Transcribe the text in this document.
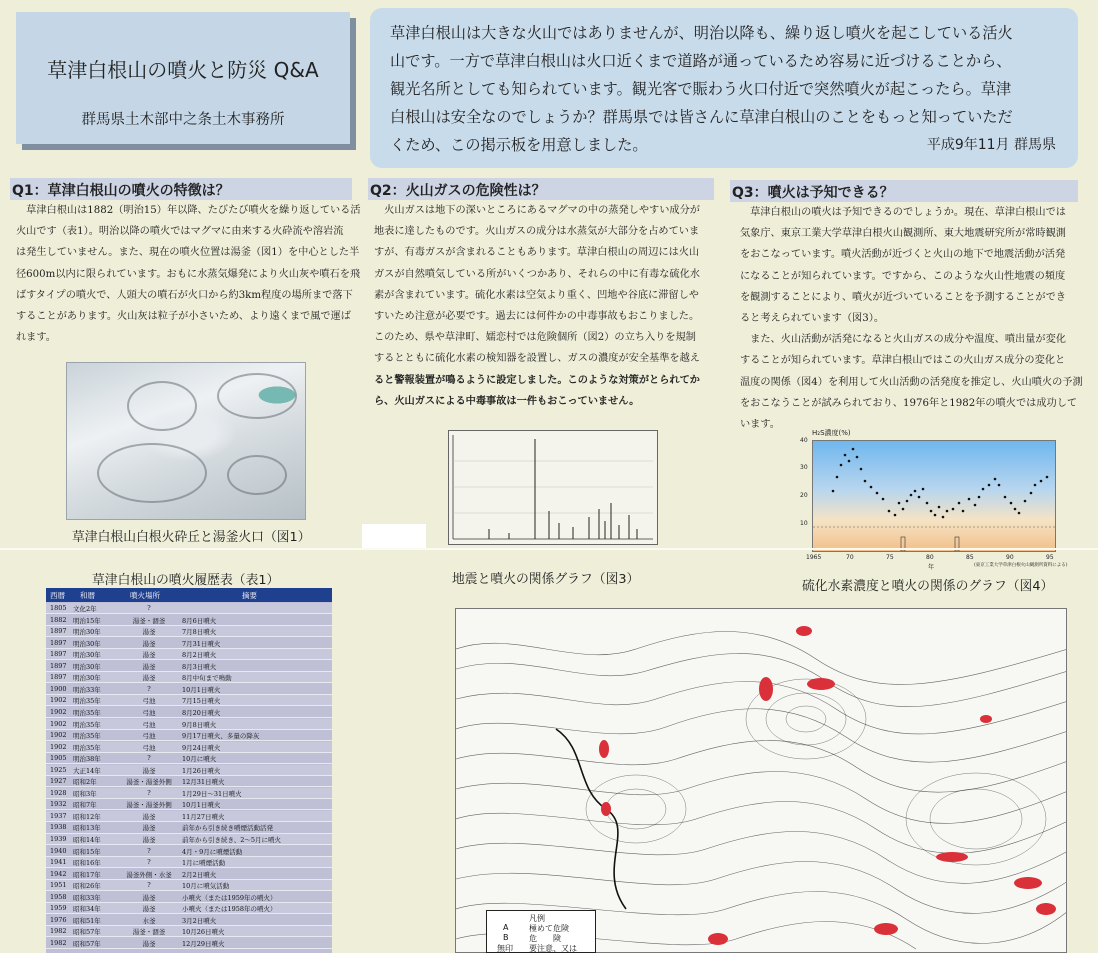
草津白根山の噴火と防災 Q&A
群馬県土木部中之条土木事務所
草津白根山は大きな火山ではありませんが、明治以降も、繰り返し噴火を起こしている活火
山です。一方で草津白根山は火口近くまで道路が通っているため容易に近づけることから、
観光名所としても知られています。観光客で賑わう火口付近で突然噴火が起こったら。草津
白根山は安全なのでしょうか？群馬県では皆さんに草津白根山のことをもっと知っていただ
くため、この掲示板を用意しました。	平成9年11月 群馬県
Q1：草津白根山の噴火の特徴は？

　草津白根山は1882（明治15）年以降、たびたび噴火を繰り返している活

火山です（表1）。明治以降の噴火ではマグマに由来する火砕流や溶岩流

は発生していません。また、現在の噴火位置は湯釜（図1）を中心とした半

径600m以内に限られています。おもに水蒸気爆発により火山灰や噴石を飛

ばすタイプの噴火で、人頭大の噴石が火口から約3km程度の場所まで落下

することがあります。火山灰は粒子が小さいため、より遠くまで風で運ば

れます。

草津白根山白根火砕丘と湯釜火口（図1）
Q2：火山ガスの危険性は？

　火山ガスは地下の深いところにあるマグマの中の蒸発しやすい成分が

地表に達したものです。火山ガスの成分は水蒸気が大部分を占めていま

すが、有毒ガスが含まれることもあります。草津白根山の周辺には火山

ガスが自然噴気している所がいくつかあり、それらの中に有毒な硫化水

素が含まれています。硫化水素は空気より重く、凹地や谷底に滞留しや

すいため注意が必要です。過去には何件かの中毒事故もおこりました。

このため、県や草津町、嬬恋村では危険個所（図2）の立ち入りを規制

するとともに硫化水素の検知器を設置し、ガスの濃度が安全基準を越え

ると警報装置が鳴るように設定しました。このような対策がとられてか

ら、火山ガスによる中毒事故は一件もおこっていません。

地震と噴火の関係グラフ（図3）
Q3：噴火は予知できる？

　草津白根山の噴火は予知できるのでしょうか。現在、草津白根山では

気象庁、東京工業大学草津白根火山観測所、東大地震研究所が常時観測

をおこなっています。噴火活動が近づくと火山の地下で地震活動が活発

になることが知られています。ですから、このような火山性地震の頻度

を観測することにより、噴火が近づいていることを予測することができ

ると考えられています（図3）。

　また、火山活動が活発になると火山ガスの成分や温度、噴出量が変化

することが知られています。草津白根山ではこの火山ガス成分の変化と

温度の関係（図4）を利用して火山活動の活発度を推定し、火山噴火の予測

をおこなうことが試みられており、1976年と1982年の噴火では成功して

います。

H₂S濃度(%)
40
30
20
10
1965	70	75	80	85	90	95
年	(東京工業大学草津白根火山観測所資料による)
硫化水素濃度と噴火の関係のグラフ（図4）
草津白根山の噴火履歴表（表1）
西暦 和暦	噴火場所	摘要
1805 文化2年	?
1882 明治15年	湯釜・涸釜	8月6日噴火
1897 明治30年	湯釜	7月8日噴火
1897 明治30年	湯釜	7月31日噴火
1897 明治30年	湯釜	8月2日噴火
1897 明治30年	湯釜	8月3日噴火
1897 明治30年	湯釜	8月中旬まで鳴動
1900 明治33年	?	10月1日噴火
1902 明治35年	弓池	7月15日噴火
1902 明治35年	弓池	8月20日噴火
1902 明治35年	弓池	9月8日噴火
1902 明治35年	弓池	9月17日噴火、多量の降灰
1902 明治35年	弓池	9月24日噴火
1905 明治38年	?	10月に噴火
1925 大正14年	湯釜	1月26日噴火
1927 昭和2年	湯釜・湯釜外側 12月31日噴火
1928 昭和3年	?	1月29日〜31日噴火
1932 昭和7年	湯釜・湯釜外側 10月1日噴火
1937 昭和12年	湯釜	11月27日噴火
1938 昭和13年	湯釜	前年から引き続き噴煙活動活発
1939 昭和14年	湯釜	前年から引き続き、2〜5月に噴火
1940 昭和15年	?	4月・9月に噴煙活動
1941 昭和16年	?	1月に噴煙活動
1942 昭和17年	湯釜外側・水釜 2月2日噴火
1951 昭和26年	?	10月に噴気活動
1958 昭和33年	湯釜	小噴火（または1959年の噴火）
1959 昭和34年	湯釜	小噴火（または1958年の噴火）
1976 昭和51年	水釜	3月2日噴火
1982 昭和57年	湯釜・涸釜	10月26日噴火
1982 昭和57年	湯釜	12月29日噴火
凡例
A	極めて危険
B	危　　険
無印 要注意、又は
